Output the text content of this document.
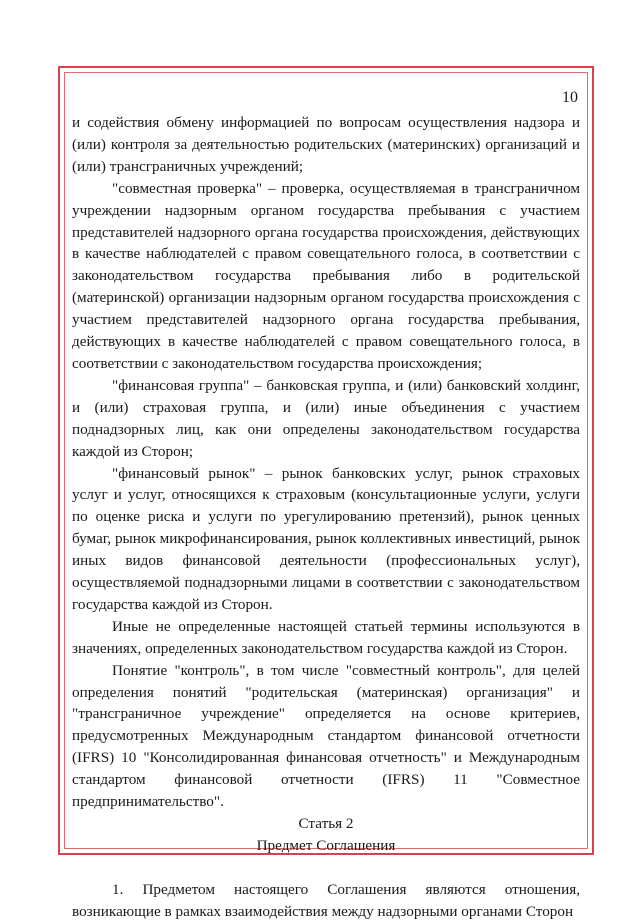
10

и содействия обмену информацией по вопросам осуществления надзора и (или) контроля за деятельностью родительских (материнских) организаций и (или) трансграничных учреждений;

"совместная проверка" – проверка, осуществляемая в трансграничном учреждении надзорным органом государства пребывания с участием представителей надзорного органа государства происхождения, действующих в качестве наблюдателей с правом совещательного голоса, в соответствии с законодательством государства пребывания либо в родительской (материнской) организации надзорным органом государства происхождения с участием представителей надзорного органа государства пребывания, действующих в качестве наблюдателей с правом совещательного голоса, в соответствии с законодательством государства происхождения;

"финансовая группа" – банковская группа, и (или) банковский холдинг, и (или) страховая группа, и (или) иные объединения с участием поднадзорных лиц, как они определены законодательством государства каждой из Сторон;

"финансовый рынок" – рынок банковских услуг, рынок страховых услуг и услуг, относящихся к страховым (консультационные услуги, услуги по оценке риска и услуги по урегулированию претензий), рынок ценных бумаг, рынок микрофинансирования, рынок коллективных инвестиций, рынок иных видов финансовой деятельности (профессиональных услуг), осуществляемой поднадзорными лицами в соответствии с законодательством государства каждой из Сторон.

Иные не определенные настоящей статьей термины используются в значениях, определенных законодательством государства каждой из Сторон.

Понятие "контроль", в том числе "совместный контроль", для целей определения понятий "родительская (материнская) организация" и "трансграничное учреждение" определяется на основе критериев, предусмотренных Международным стандартом финансовой отчетности (IFRS) 10 "Консолидированная финансовая отчетность" и Международным стандартом финансовой отчетности (IFRS) 11 "Совместное предпринимательство".

Статья 2

Предмет Соглашения

1. Предметом настоящего Соглашения являются отношения, возникающие в рамках взаимодействия между надзорными органами Сторон
